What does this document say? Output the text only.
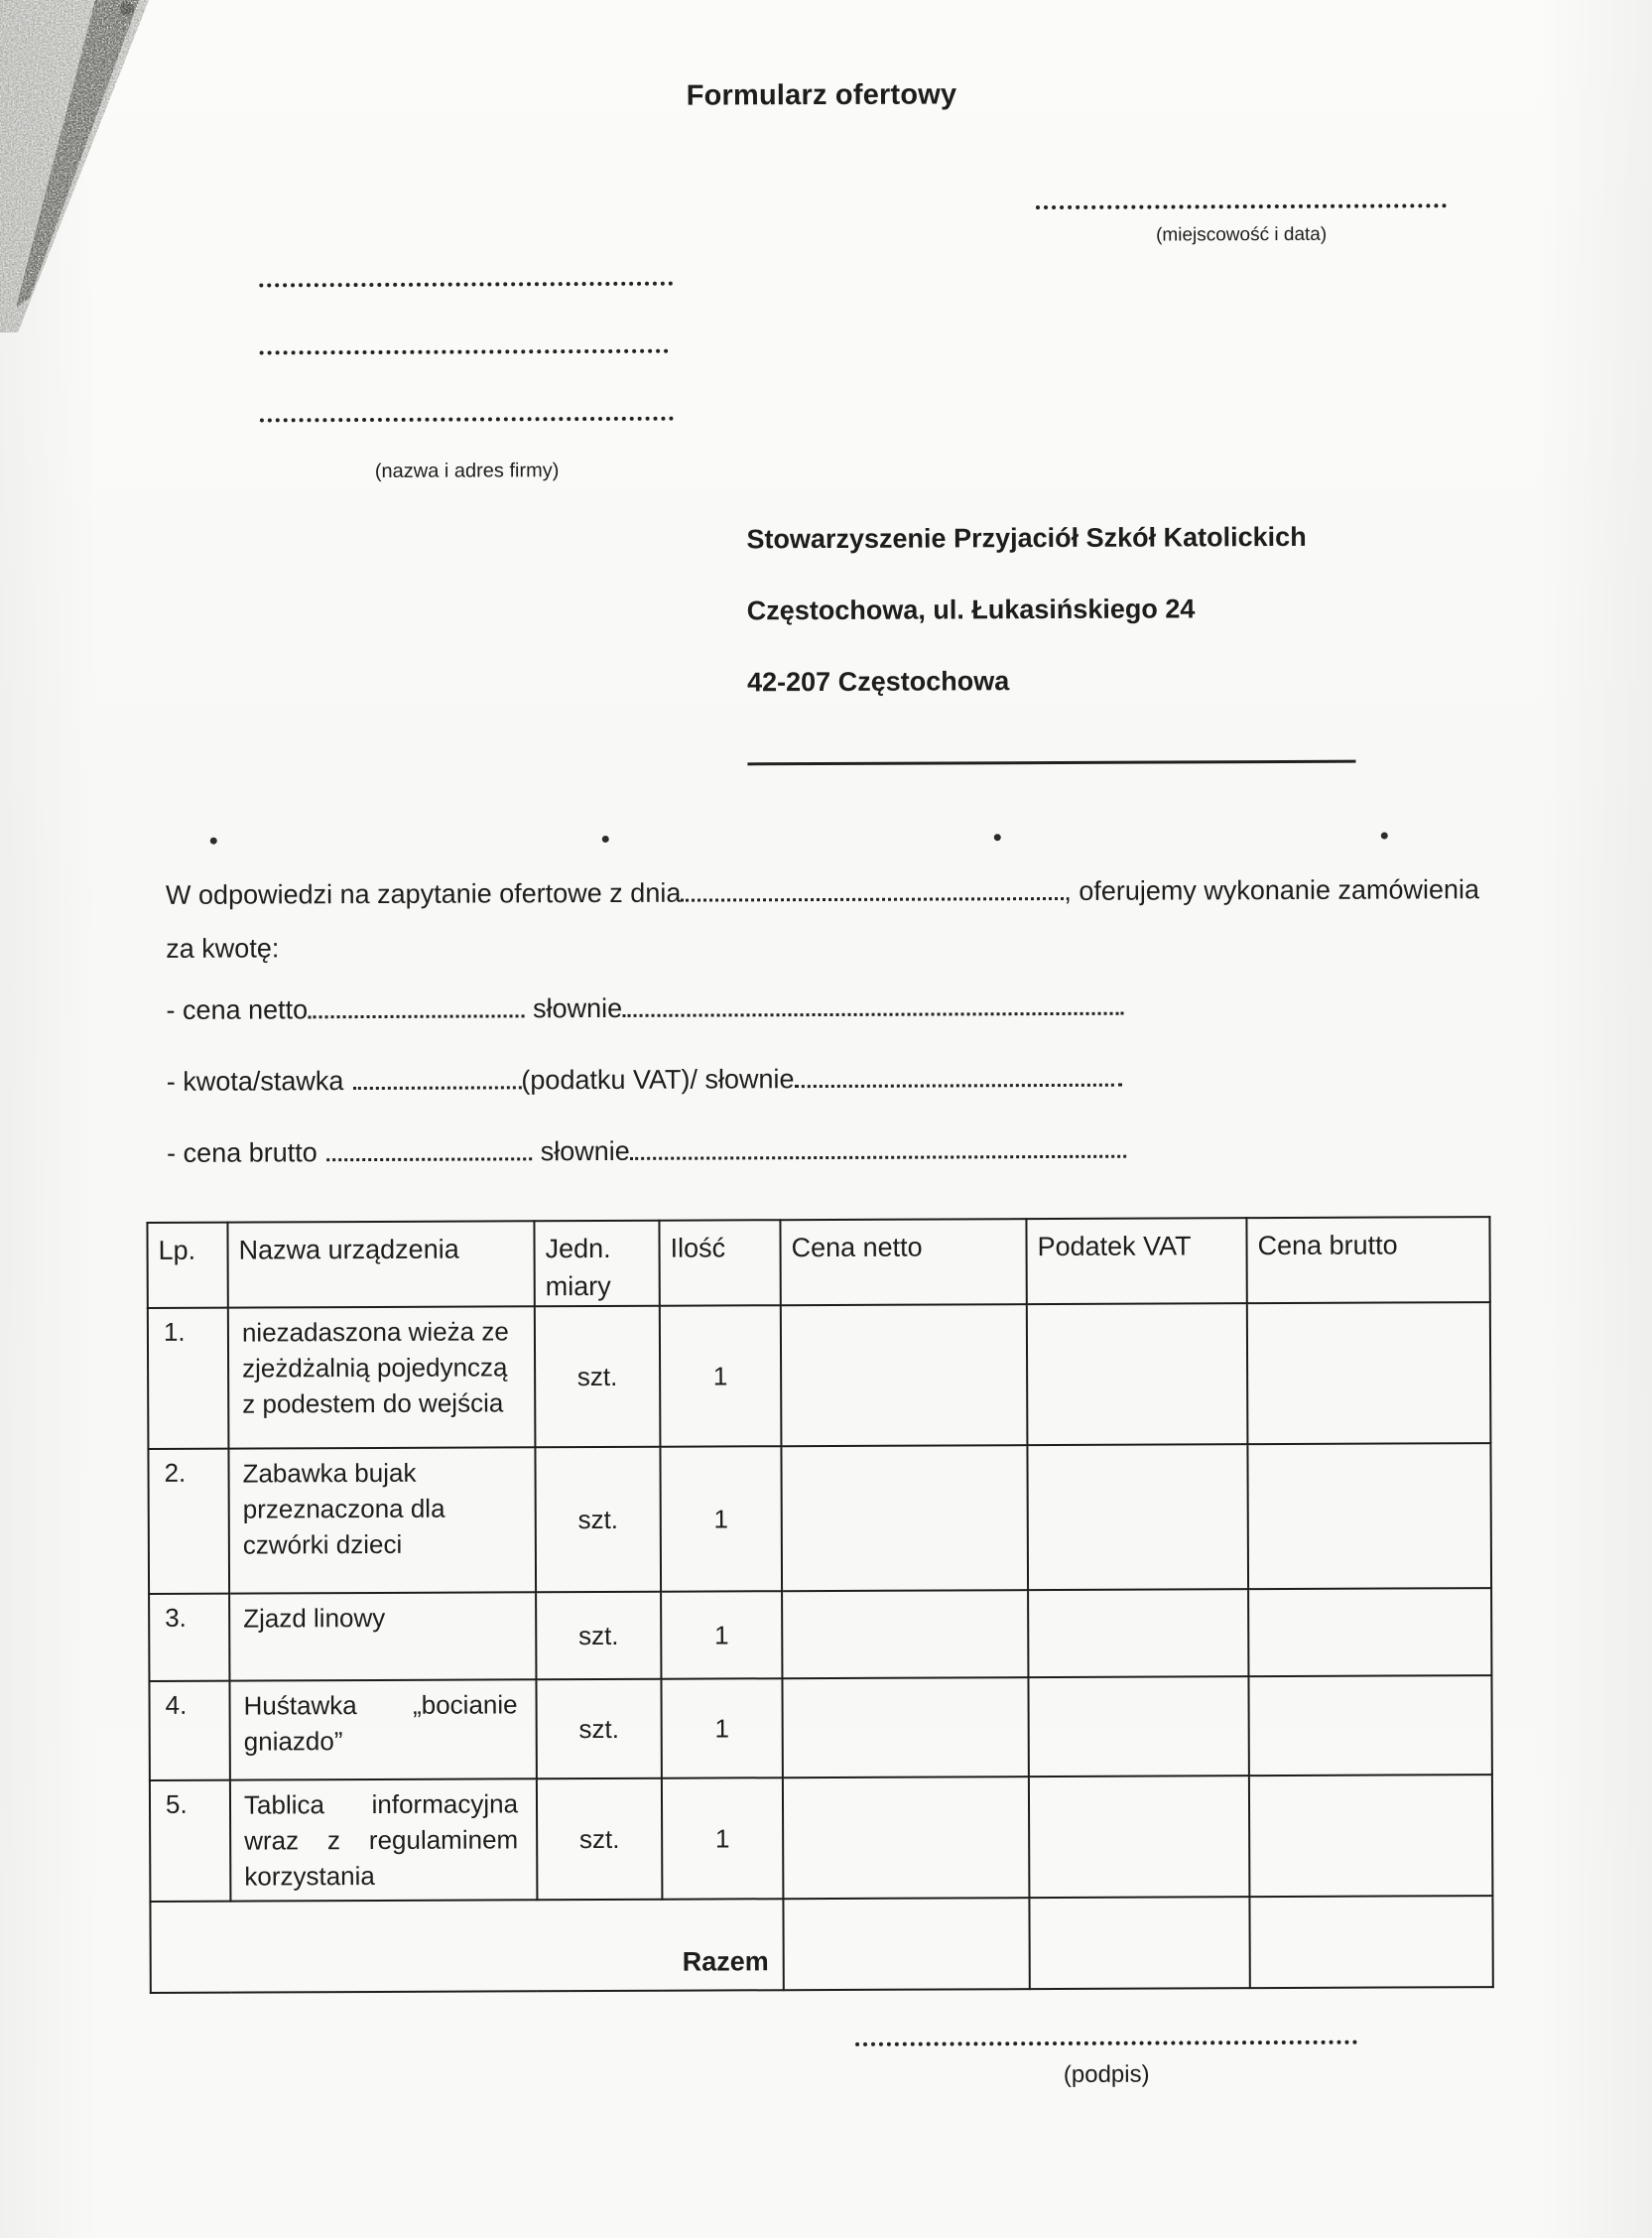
Formularz ofertowy
(miejscowość i data)
(nazwa i adres firmy)
Stowarzyszenie Przyjaciół Szkół Katolickich
Częstochowa, ul. Łukasińskiego 24
42-207 Częstochowa
W odpowiedzi na zapytanie ofertowe z dnia	, oferujemy wykonanie zamówienia
za kwotę:
- cena netto	słownie
- kwota/stawka	(podatku VAT)/ słownie
- cena brutto	słownie
Lp.	Nazwa urządzenia	Jedn. miary	Ilość	Cena netto	Podatek VAT	Cena brutto
1.	niezadaszona wieża ze zjeżdżalnią pojedynczą z podestem do wejścia	szt.	1			
2.	Zabawka bujak przeznaczona dla czwórki dzieci	szt.	1			
3.	Zjazd linowy	szt.	1			
4.	Huśtawka „bocianie gniazdo”	szt.	1			
5.	Tablica informacyjna wraz z regulaminem korzystania	szt.	1			
Razem						
(podpis)
